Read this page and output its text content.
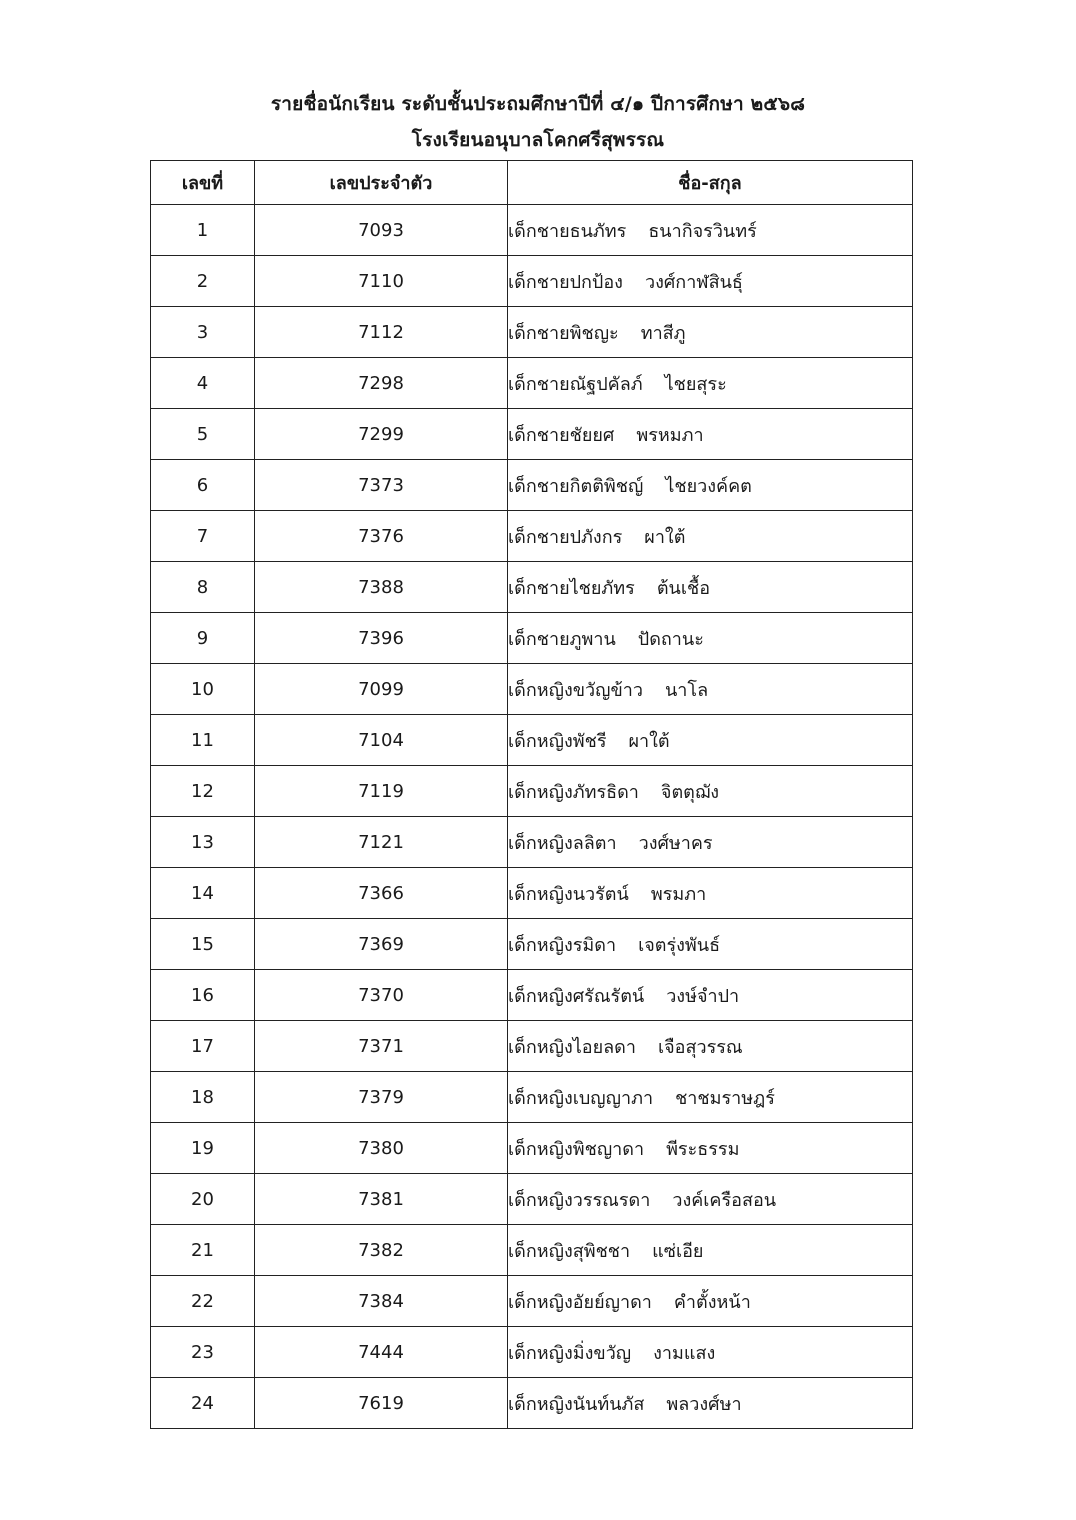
รายชื่อนักเรียน ระดับชั้นประถมศึกษาปีที่ ๔/๑ ปีการศึกษา ๒๕๖๘
โรงเรียนอนุบาลโคกศรีสุพรรณ
เลขที่	เลขประจำตัว	ชื่อ-สกุล
1	7093	เด็กชายธนภัทร ธนากิจรวินทร์
2	7110	เด็กชายปกป้อง วงศ์กาฬสินธุ์
3	7112	เด็กชายพิชญะ ทาสีภู
4	7298	เด็กชายณัฐปคัลภ์ ไชยสุระ
5	7299	เด็กชายชัยยศ พรหมภา
6	7373	เด็กชายกิตติพิชญ์ ไชยวงค์คต
7	7376	เด็กชายปภังกร ผาใต้
8	7388	เด็กชายไชยภัทร ต้นเชื้อ
9	7396	เด็กชายภูพาน ปัดถานะ
10	7099	เด็กหญิงขวัญข้าว นาโล
11	7104	เด็กหญิงพัชรี ผาใต้
12	7119	เด็กหญิงภัทรธิดา จิตตุฌัง
13	7121	เด็กหญิงลลิตา วงศ์ษาคร
14	7366	เด็กหญิงนวรัตน์ พรมภา
15	7369	เด็กหญิงรมิดา เจตรุ่งพันธ์
16	7370	เด็กหญิงศรัณรัตน์ วงษ์จำปา
17	7371	เด็กหญิงไอยลดา เจือสุวรรณ
18	7379	เด็กหญิงเบญญาภา ชาชมราษฎร์
19	7380	เด็กหญิงพิชญาดา พีระธรรม
20	7381	เด็กหญิงวรรณรดา วงค์เครือสอน
21	7382	เด็กหญิงสุพิชชา แซ่เอีย
22	7384	เด็กหญิงอัยย์ญาดา คำตั้งหน้า
23	7444	เด็กหญิงมิ่งขวัญ งามแสง
24	7619	เด็กหญิงนันท์นภัส พลวงศ์ษา
